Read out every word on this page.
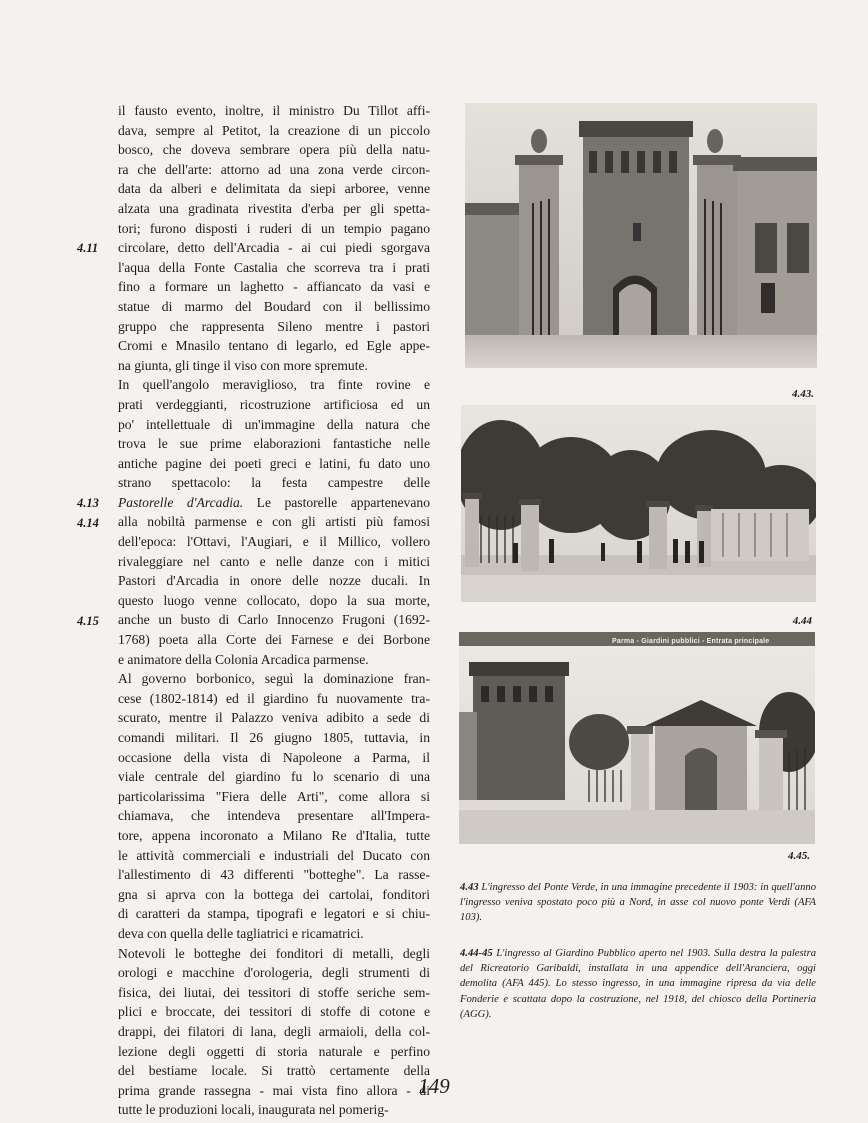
il fausto evento, inoltre, il ministro Du Tillot affi-
dava, sempre al Petitot, la creazione di un piccolo
bosco, che doveva sembrare opera più della natu-
ra che dell'arte: attorno ad una zona verde circon-
data da alberi e delimitata da siepi arboree, venne
alzata una gradinata rivestita d'erba per gli spetta-
tori; furono disposti i ruderi di un tempio pagano
circolare, detto dell'Arcadia - ai cui piedi sgorgava
l'aqua della Fonte Castalia che scorreva tra i prati
fino a formare un laghetto - affiancato da vasi e
statue di marmo del Boudard con il bellissimo
gruppo che rappresenta Sileno mentre i pastori
Cromi e Mnasilo tentano di legarlo, ed Egle appe-
na giunta, gli tinge il viso con more spremute.
In quell'angolo meraviglioso, tra finte rovine e
prati verdeggianti, ricostruzione artificiosa ed un
po' intellettuale di un'immagine della natura che
trova le sue prime elaborazioni fantastiche nelle
antiche pagine dei poeti greci e latini, fu dato uno
strano spettacolo: la festa campestre delle
Pastorelle d'Arcadia. Le pastorelle appartenevano
alla nobiltà parmense e con gli artisti più famosi
dell'epoca: l'Ottavi, l'Augiari, e il Millico, vollero
rivaleggiare nel canto e nelle danze con i mitici
Pastori d'Arcadia in onore delle nozze ducali. In
questo luogo venne collocato, dopo la sua morte,
anche un busto di Carlo Innocenzo Frugoni (1692-
1768) poeta alla Corte dei Farnese e dei Borbone
e animatore della Colonia Arcadica parmense.
Al governo borbonico, seguì la dominazione fran-
cese (1802-1814) ed il giardino fu nuovamente tra-
scurato, mentre il Palazzo veniva adibito a sede di
comandi militari. Il 26 giugno 1805, tuttavia, in
occasione della vista di Napoleone a Parma, il
viale centrale del giardino fu lo scenario di una
particolarissima "Fiera delle Arti", come allora si
chiamava, che intendeva presentare all'Impera-
tore, appena incoronato a Milano Re d'Italia, tutte
le attività commerciali e industriali del Ducato con
l'allestimento di 43 differenti "botteghe". La rasse-
gna si aprva con la bottega dei cartolai, fonditori
di caratteri da stampa, tipografi e legatori e si chiu-
deva con quella delle tagliatrici e ricamatrici.
Notevoli le botteghe dei fonditori di metalli, degli
orologi e macchine d'orologeria, degli strumenti di
fisica, dei liutai, dei tessitori di stoffe seriche sem-
plici e broccate, dei tessitori di stoffe di cotone e
drappi, dei filatori di lana, degli armaioli, della col-
lezione degli oggetti di storia naturale e perfino
del bestiame locale. Si trattò certamente della
prima grande rassegna - mai vista fino allora - di
tutte le produzioni locali, inaugurata nel pomerig-
4.11
4.13
4.14
4.15
4.43.
4.44
Parma - Giardini pubblici - Entrata principale
4.45.
4.43 L'ingresso del Ponte Verde, in una immagine precedente il 1903: in quell'anno l'ingresso veniva spostato poco più a Nord, in asse col nuovo ponte Verdi (AFA 103).
4.44-45 L'ingresso al Giardino Pubblico aperto nel 1903. Sulla destra la palestra del Ricreatorio Garibaldi, installata in una appendice dell'Aranciera, oggi demolita (AFA 445). Lo stesso ingresso, in una immagine ripresa da via delle Fonderie e scattata dopo la costruzione, nel 1918, del chiosco della Portineria (AGG).
149
